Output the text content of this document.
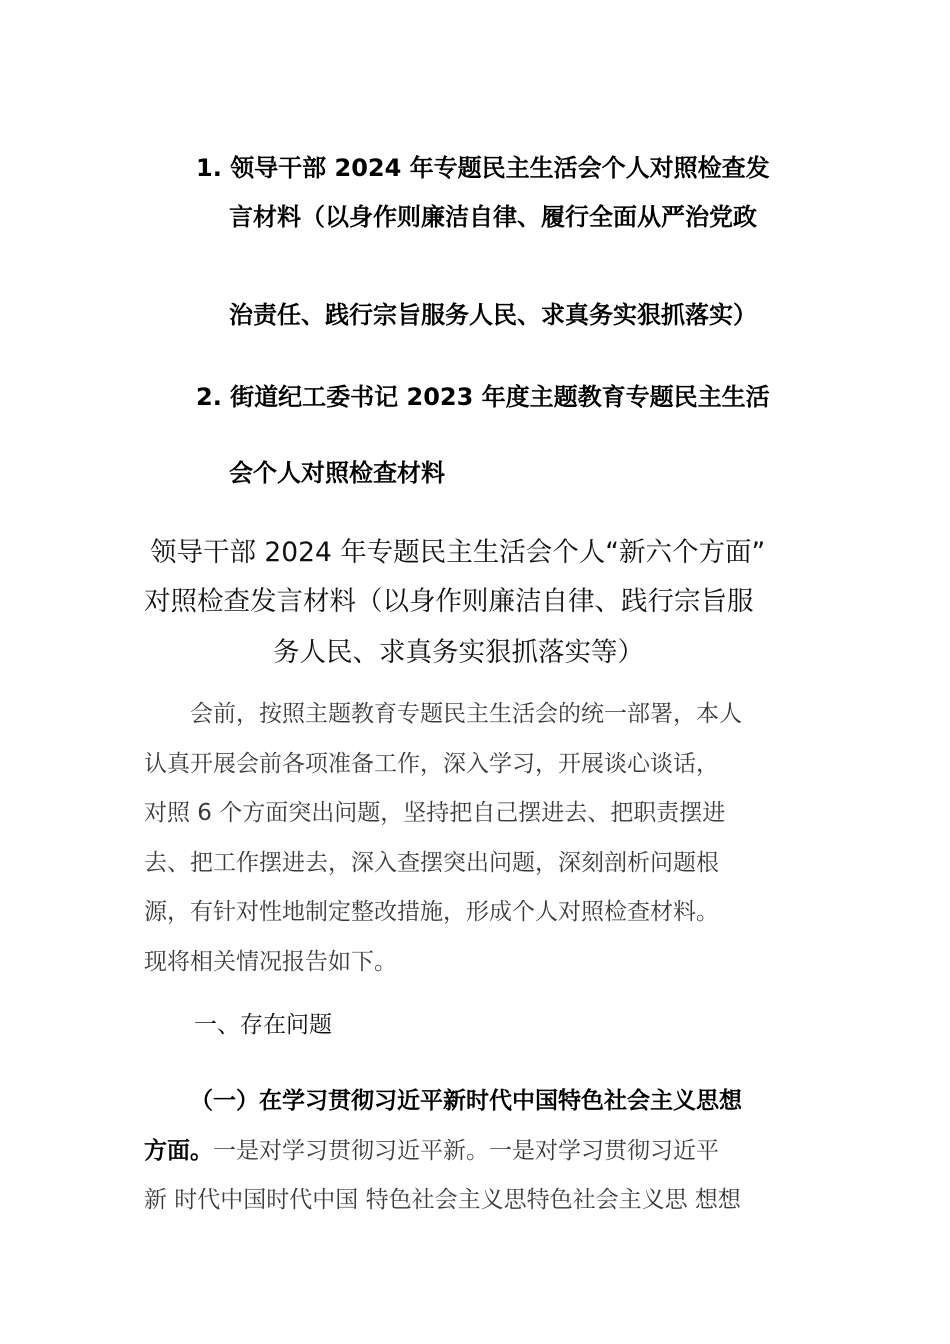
1. 领导干部 2024 年专题民主生活会个人对照检查发

言材料（以身作则廉洁自律、履行全面从严治党政

治责任、践行宗旨服务人民、求真务实狠抓落实）

2. 街道纪工委书记 2023 年度主题教育专题民主生活

会个人对照检查材料

领导干部 2024 年专题民主生活会个人“新六个方面”

对照检查发言材料（以身作则廉洁自律、践行宗旨服

务人民、求真务实狠抓落实等）

会前，按照主题教育专题民主生活会的统一部署，本人

认真开展会前各项准备工作，深入学习，开展谈心谈话，

对照 6 个方面突出问题，坚持把自己摆进去、把职责摆进

去、把工作摆进去，深入查摆突出问题，深刻剖析问题根

源，有针对性地制定整改措施，形成个人对照检查材料。

现将相关情况报告如下。

一、存在问题

（一）在学习贯彻习近平新时代中国特色社会主义思想

方面。一是对学习贯彻习近平新。一是对学习贯彻习近平

新 时代中国时代中国 特色社会主义思特色社会主义思 想想
